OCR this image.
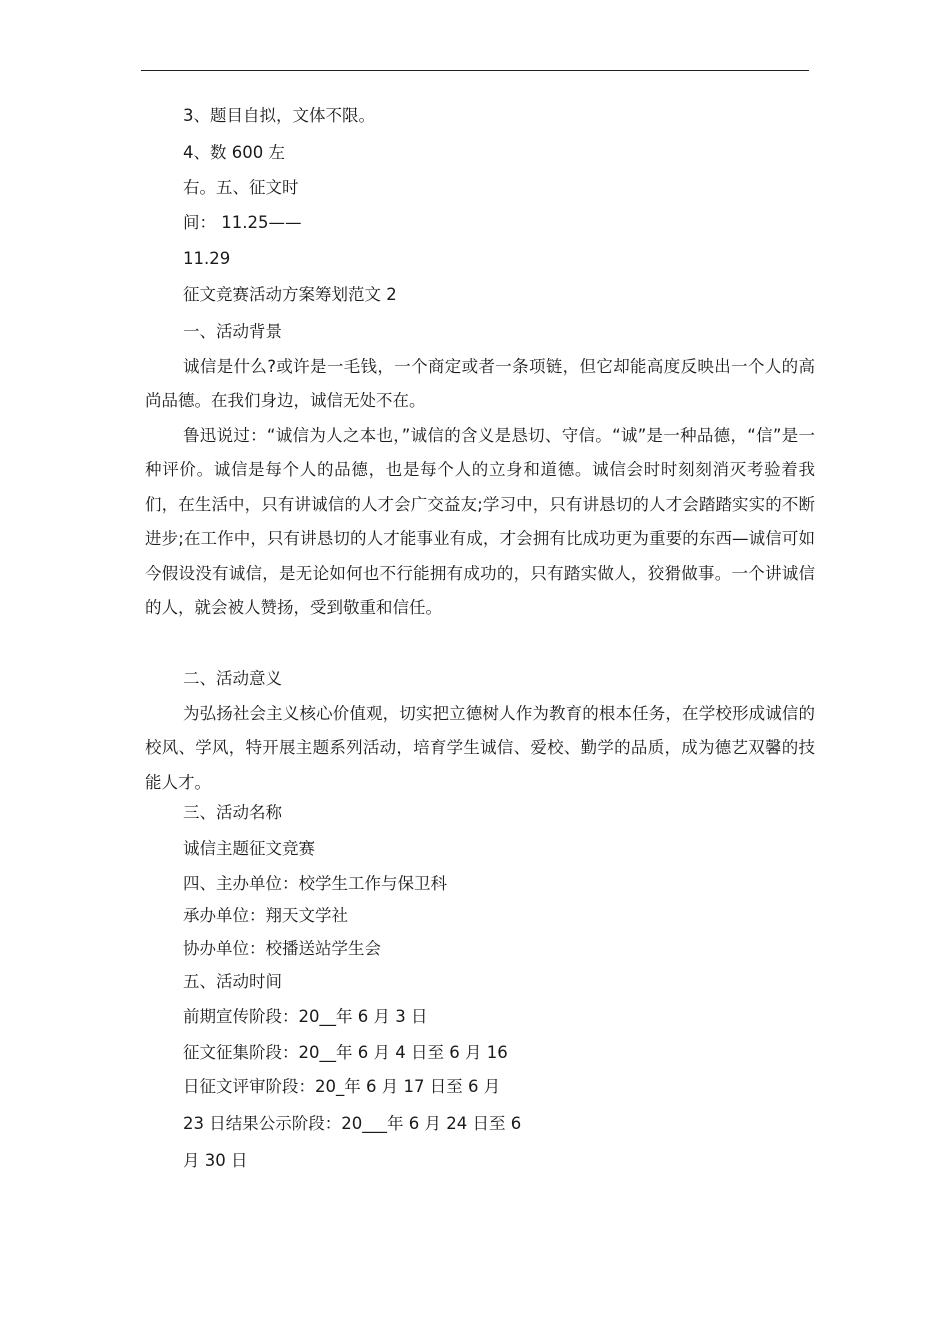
3、题目自拟，文体不限。

4、数 600 左

右。五、征文时

间： 11.25——

11.29

征文竞赛活动方案筹划范文 2

一、活动背景

诚信是什么?或许是一毛钱，一个商定或者一条项链，但它却能高度反映出一个人的高尚品德。在我们身边，诚信无处不在。

鲁迅说过：“诚信为人之本也，”诚信的含义是恳切、守信。“诚”是一种品德，“信”是一种评价。诚信是每个人的品德，也是每个人的立身和道德。诚信会时时刻刻消灭考验着我们，在生活中，只有讲诚信的人才会广交益友;学习中，只有讲恳切的人才会踏踏实实的不断进步;在工作中，只有讲恳切的人才能事业有成，才会拥有比成功更为重要的东西—诚信可如今假设没有诚信，是无论如何也不行能拥有成功的，只有踏实做人，狡猾做事。一个讲诚信的人，就会被人赞扬，受到敬重和信任。

二、活动意义

为弘扬社会主义核心价值观，切实把立德树人作为教育的根本任务，在学校形成诚信的校风、学风，特开展主题系列活动，培育学生诚信、爱校、勤学的品质，成为德艺双馨的技能人才。

三、活动名称

诚信主题征文竞赛

四、主办单位：校学生工作与保卫科

承办单位：翔天文学社

协办单位：校播送站学生会

五、活动时间

前期宣传阶段：20__年 6 月 3 日

征文征集阶段：20__年 6 月 4 日至 6 月 16

日征文评审阶段：20_年 6 月 17 日至 6 月

23 日结果公示阶段：20___年 6 月 24 日至 6

月 30 日
